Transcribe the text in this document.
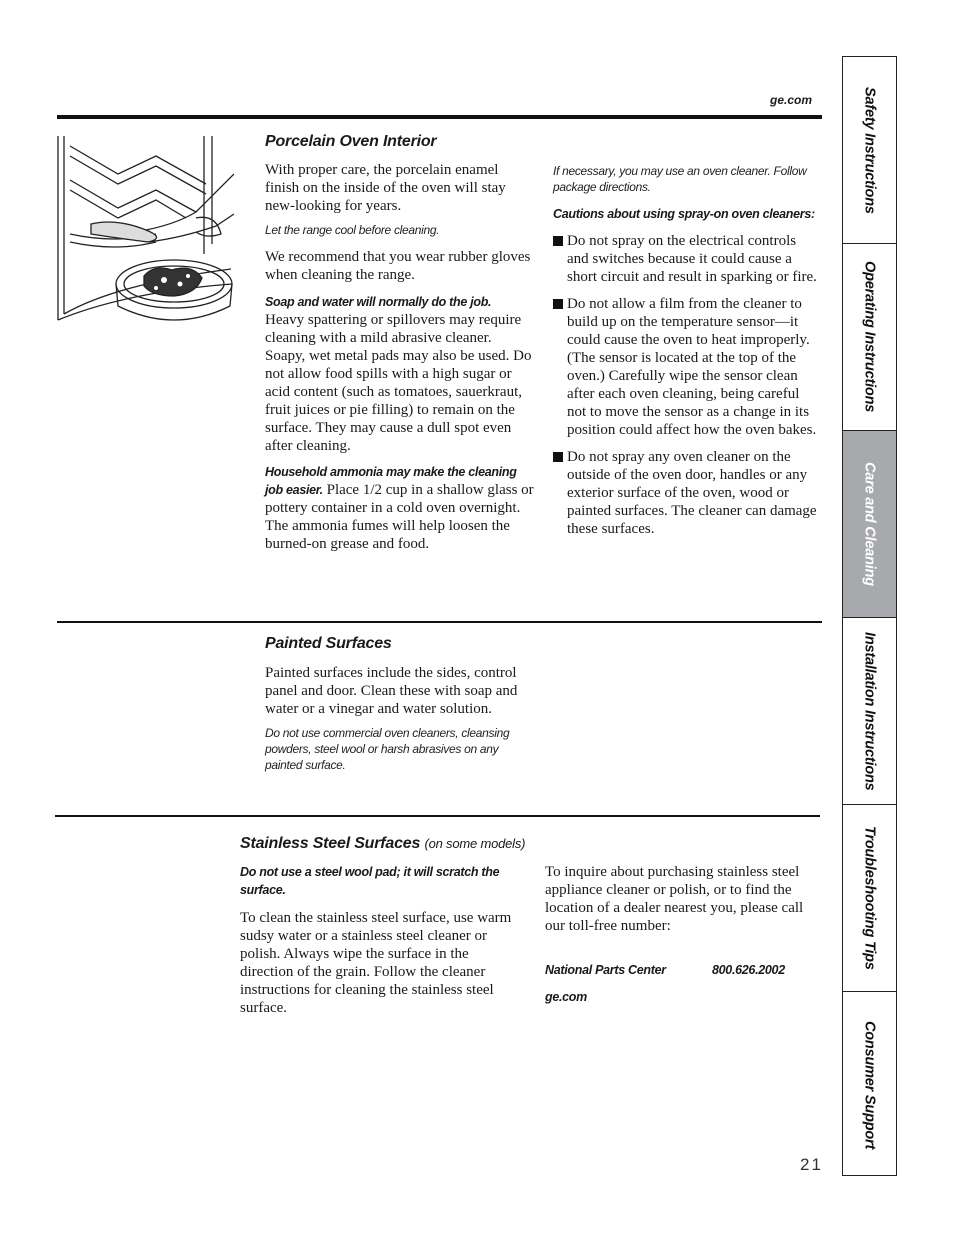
ge.com
Porcelain Oven Interior

With proper care, the porcelain enamel finish on the inside of the oven will stay new-looking for years.

Let the range cool before cleaning.

We recommend that you wear rubber gloves when cleaning the range.

Soap and water will normally do the job.

Heavy spattering or spillovers may require cleaning with a mild abrasive cleaner. Soapy, wet metal pads may also be used. Do not allow food spills with a high sugar or acid content (such as tomatoes, sauerkraut, fruit juices or pie filling) to remain on the surface. They may cause a dull spot even after cleaning.

Household ammonia may make the cleaning job easier. Place 1/2 cup in a shallow glass or pottery container in a cold oven overnight. The ammonia fumes will help loosen the burned-on grease and food.

If necessary, you may use an oven cleaner. Follow package directions.

Cautions about using spray-on oven cleaners:
Do not spray on the electrical controls and switches because it could cause a short circuit and result in sparking or fire.
Do not allow a film from the cleaner to build up on the temperature sensor—it could cause the oven to heat improperly. (The sensor is located at the top of the oven.) Carefully wipe the sensor clean after each oven cleaning, being careful not to move the sensor as a change in its position could affect how the oven bakes.
Do not spray any oven cleaner on the outside of the oven door, handles or any exterior surface of the oven, wood or painted surfaces. The cleaner can damage these surfaces.
Painted Surfaces

Painted surfaces include the sides, control panel and door. Clean these with soap and water or a vinegar and water solution.

Do not use commercial oven cleaners, cleansing powders, steel wool or harsh abrasives on any painted surface.

Stainless Steel Surfaces (on some models)
Do not use a steel wool pad; it will scratch the surface.

To clean the stainless steel surface, use warm sudsy water or a stainless steel cleaner or polish. Always wipe the surface in the direction of the grain. Follow the cleaner instructions for cleaning the stainless steel surface.

To inquire about purchasing stainless steel appliance cleaner or polish, or to find the location of a dealer nearest you, please call our toll-free number:

National Parts Center	800.626.2002
ge.com
Safety Instructions
Operating Instructions
Care and Cleaning
Installation Instructions
Troubleshooting Tips
Consumer Support
21
